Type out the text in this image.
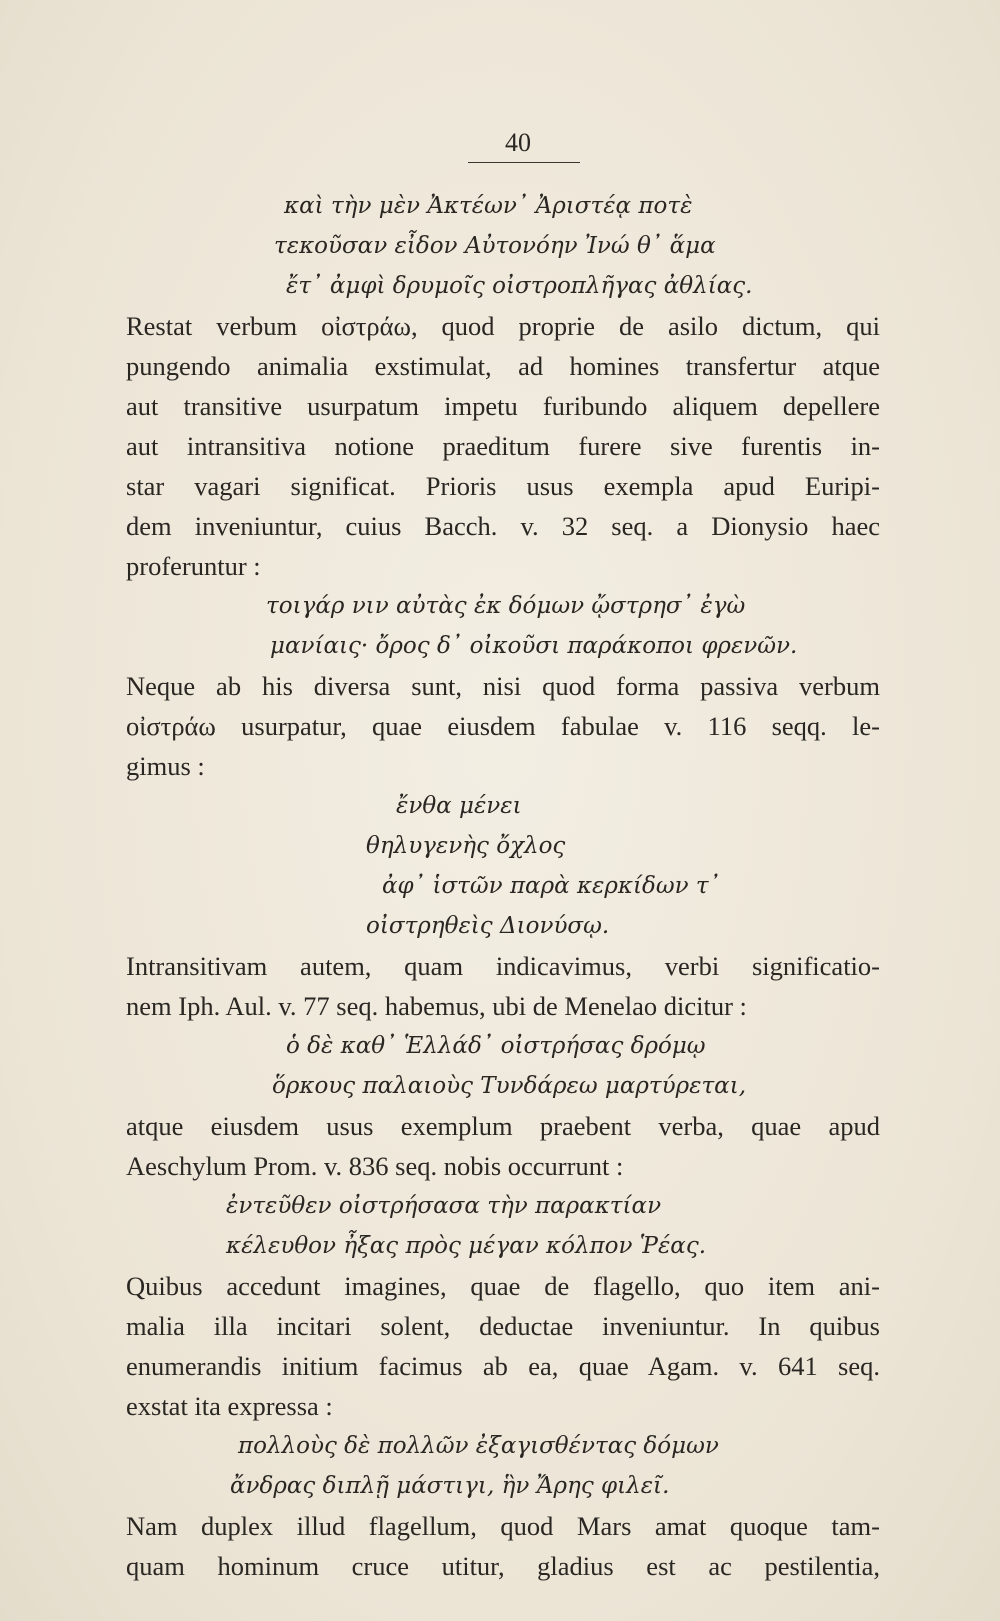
40

καὶ τὴν μὲν Ἀκτέων᾽ Ἀριστέᾳ ποτὲ
τεκοῦσαν εἶδον Αὐτονόην Ἰνώ θ᾽ ἅμα
ἔτ᾽ ἀμφὶ δρυμοῖς οἰστροπλῆγας ἀθλίας.
Restat verbum οἰστράω, quod proprie de asilo dictum, qui
pungendo animalia exstimulat, ad homines transfertur atque
aut transitive usurpatum impetu furibundo aliquem depellere
aut intransitiva notione praeditum furere sive furentis in-
star vagari significat. Prioris usus exempla apud Euripi-
dem inveniuntur, cuius Bacch. v. 32 seq. a Dionysio haec
proferuntur :
τοιγάρ νιν αὐτὰς ἐκ δόμων ᾤστρησ᾽ ἐγὼ
μανίαις· ὄρος δ᾽ οἰκοῦσι παράκοποι φρενῶν.
Neque ab his diversa sunt, nisi quod forma passiva verbum
οἰστράω usurpatur, quae eiusdem fabulae v. 116 seqq. le-
gimus :
ἔνθα μένει
θηλυγενὴς ὄχλος
ἀφ᾽ ἱστῶν παρὰ κερκίδων τ᾽
οἰστρηθεὶς Διονύσῳ.
Intransitivam autem, quam indicavimus, verbi significatio-
nem Iph. Aul. v. 77 seq. habemus, ubi de Menelao dicitur :
ὁ δὲ καθ᾽ Ἑλλάδ᾽ οἰστρήσας δρόμῳ
ὅρκους παλαιοὺς Τυνδάρεω μαρτύρεται,
atque eiusdem usus exemplum praebent verba, quae apud
Aeschylum Prom. v. 836 seq. nobis occurrunt :
ἐντεῦθεν οἰστρήσασα τὴν παρακτίαν
κέλευθον ἦξας πρὸς μέγαν κόλπον Ῥέας.
Quibus accedunt imagines, quae de flagello, quo item ani-
malia illa incitari solent, deductae inveniuntur. In quibus
enumerandis initium facimus ab ea, quae Agam. v. 641 seq.
exstat ita expressa :
πολλοὺς δὲ πολλῶν ἐξαγισθέντας δόμων
ἄνδρας διπλῇ μάστιγι, ἣν Ἄρης φιλεῖ.
Nam duplex illud flagellum, quod Mars amat quoque tam-
quam hominum cruce utitur, gladius est ac pestilentia,
